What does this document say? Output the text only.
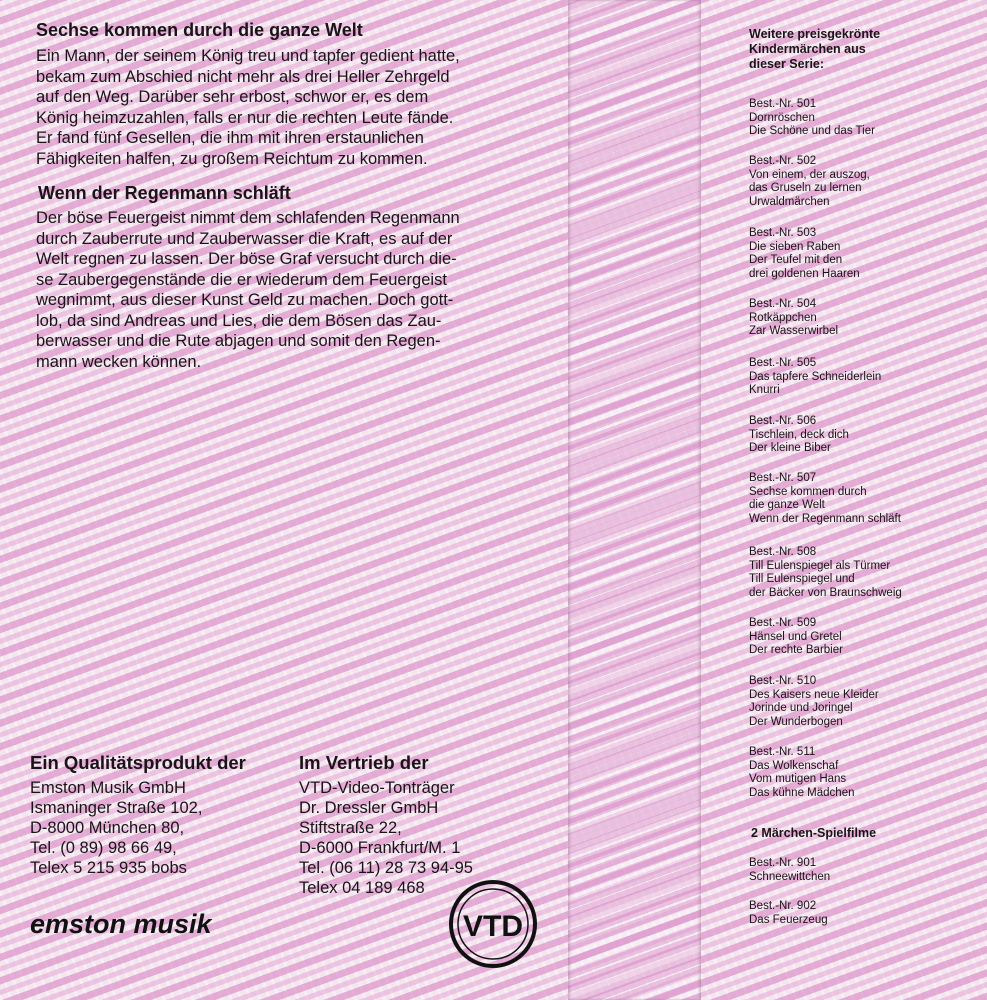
Sechse kommen durch die ganze Welt

Ein Mann, der seinem König treu und tapfer gedient hatte,
bekam zum Abschied nicht mehr als drei Heller Zehrgeld
auf den Weg. Darüber sehr erbost, schwor er, es dem
König heimzuzahlen, falls er nur die rechten Leute fände.
Er fand fünf Gesellen, die ihm mit ihren erstaunlichen
Fähigkeiten halfen, zu großem Reichtum zu kommen.

Wenn der Regenmann schläft

Der böse Feuergeist nimmt dem schlafenden Regenmann
durch Zauberrute und Zauberwasser die Kraft, es auf der
Welt regnen zu lassen. Der böse Graf versucht durch die-
se Zaubergegenstände die er wiederum dem Feuergeist
wegnimmt, aus dieser Kunst Geld zu machen. Doch gott-
lob, da sind Andreas und Lies, die dem Bösen das Zau-
berwasser und die Rute abjagen und somit den Regen-
mann wecken können.

Ein Qualitätsprodukt der
Emston Musik GmbH
Ismaninger Straße 102,
D-8000 München 80,
Tel. (0 89) 98 66 49,
Telex 5 215 935 bobs
Im Vertrieb der
VTD-Video-Tonträger
Dr. Dressler GmbH
Stiftstraße 22,
D-6000 Frankfurt/M. 1
Tel. (06 11) 28 73 94-95
Telex 04 189 468
emston musik	VTD
Weitere preisgekrönte
Kindermärchen aus
dieser Serie:
Best.-Nr. 501
Dornröschen
Die Schöne und das Tier
Best.-Nr. 502
Von einem, der auszog,
das Gruseln zu lernen
Urwaldmärchen
Best.-Nr. 503
Die sieben Raben
Der Teufel mit den
drei goldenen Haaren
Best.-Nr. 504
Rotkäppchen
Zar Wasserwirbel
Best.-Nr. 505
Das tapfere Schneiderlein
Knurri
Best.-Nr. 506
Tischlein, deck dich
Der kleine Biber
Best.-Nr. 507
Sechse kommen durch
die ganze Welt
Wenn der Regenmann schläft
Best.-Nr. 508
Till Eulenspiegel als Türmer
Till Eulenspiegel und
der Bäcker von Braunschweig
Best.-Nr. 509
Hänsel und Gretel
Der rechte Barbier
Best.-Nr. 510
Des Kaisers neue Kleider
Jorinde und Joringel
Der Wunderbogen
Best.-Nr. 511
Das Wolkenschaf
Vom mutigen Hans
Das kühne Mädchen
2 Märchen-Spielfilme
Best.-Nr. 901
Schneewittchen
Best.-Nr. 902
Das Feuerzeug
